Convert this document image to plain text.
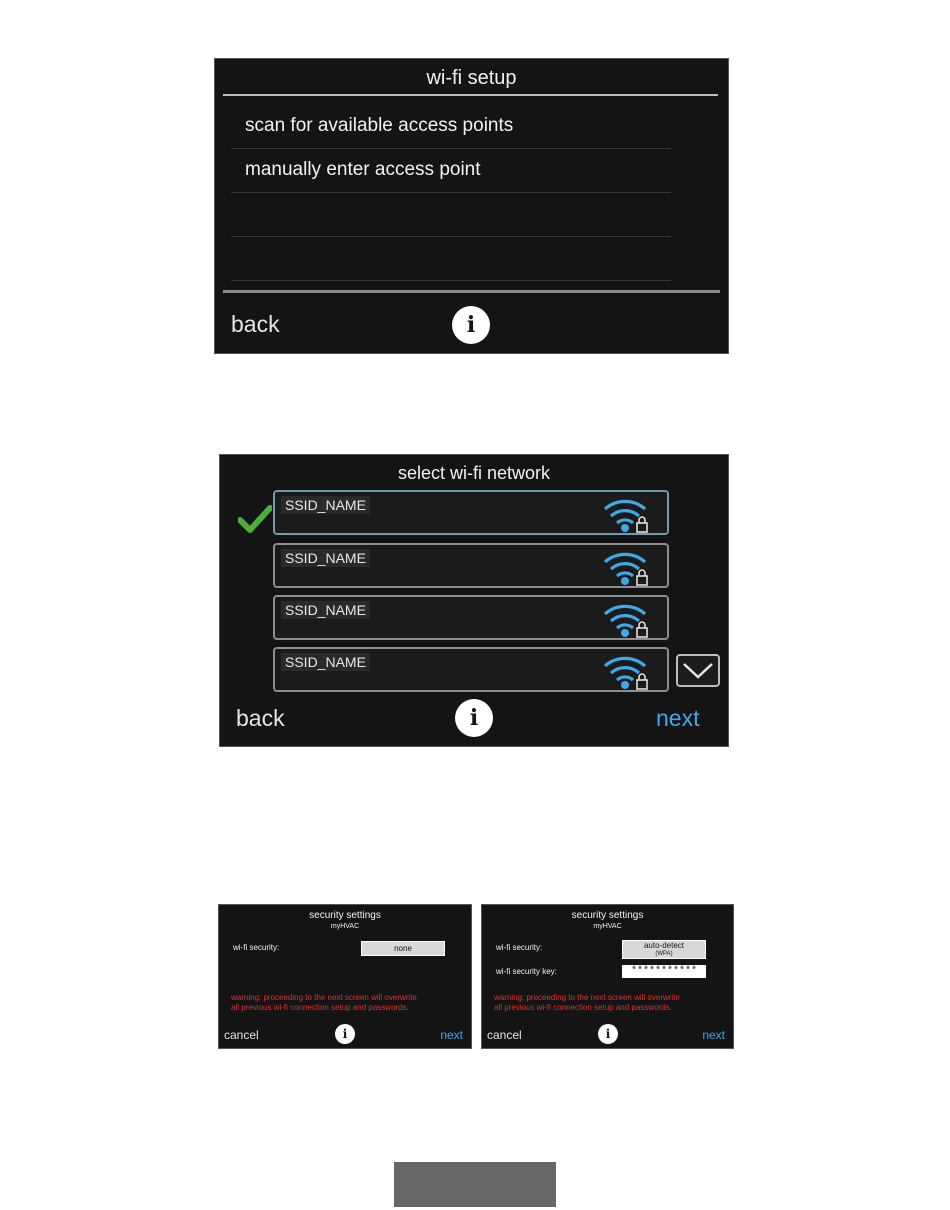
wi-fi setup
scan for available access points
manually enter access point
back	i
select wi-fi network
SSID_NAME
SSID_NAME
SSID_NAME
SSID_NAME
back	i	next
security settings
myHVAC
wi-fi security:	none
warning: proceeding to the next screen will overwrite
all previous wi-fi connection setup and passwords.
cancel	i	next
security settings
myHVAC
wi-fi security:	auto-detect
(WPA)
wi-fi security key:	***********
warning: proceeding to the next screen will overwrite
all previous wi-fi connection setup and passwords.
cancel	i	next
